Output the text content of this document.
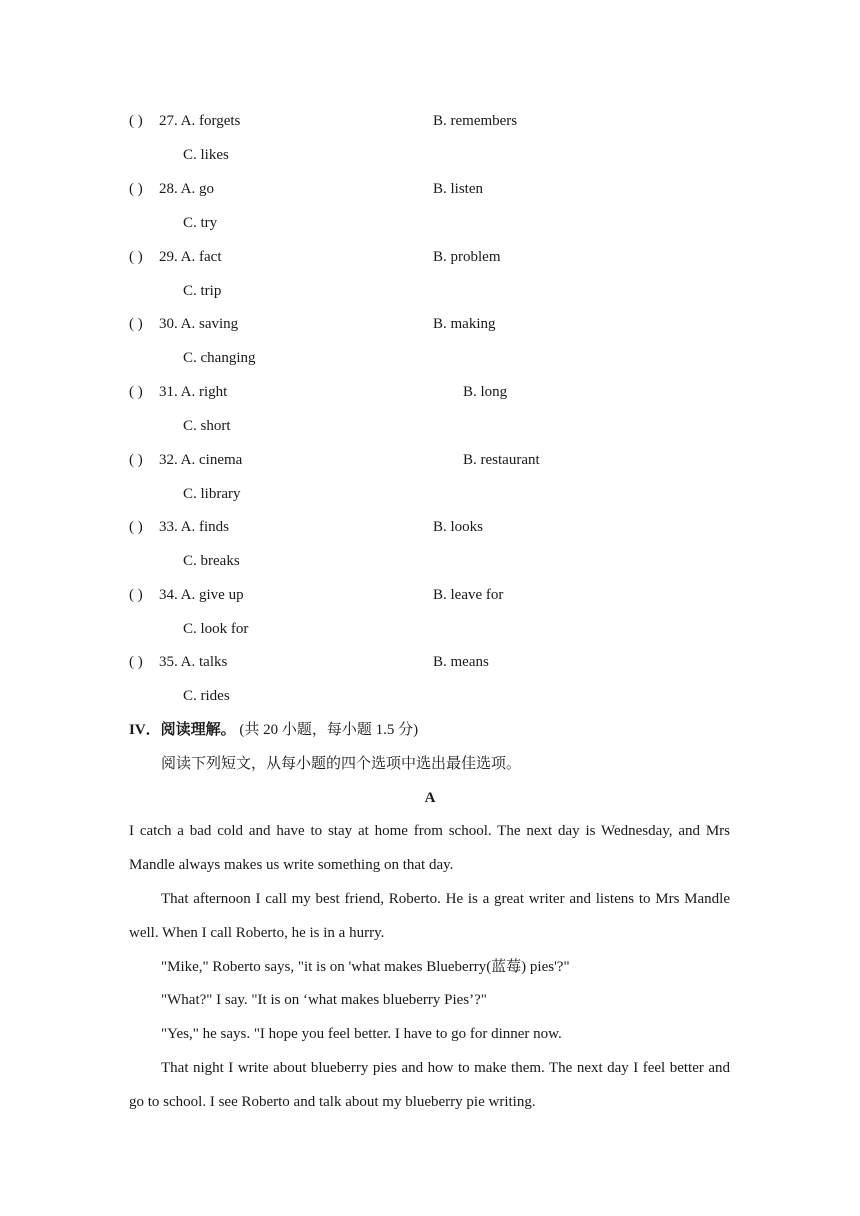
( ) 27. A. forgets	B. remembers
C. likes
( ) 28. A. go	B. listen
C. try
( ) 29. A. fact	B. problem
C. trip
( ) 30. A. saving	B. making
C. changing
( ) 31. A. right	B. long
C. short
( ) 32. A. cinema	B. restaurant
C. library
( ) 33. A. finds	B. looks
C. breaks
( ) 34. A. give up	B. leave for
C. look for
( ) 35. A. talks	B. means
C. rides
IV．阅读理解。 (共 20 小题，每小题 1.5 分)
阅读下列短文，从每小题的四个选项中选出最佳选项。
A
I catch a bad cold and have to stay at home from school. The next day is Wednesday, and Mrs
Mandle always makes us write something on that day.
That afternoon I call my best friend, Roberto. He is a great writer and listens to Mrs Mandle
well. When I call Roberto, he is in a hurry.
"Mike," Roberto says, "it is on 'what makes Blueberry(蓝莓) pies'?"
"What?" I say. "It is on ‘what makes blueberry Pies’?"
"Yes," he says. "I hope you feel better. I have to go for dinner now.
That night I write about blueberry pies and how to make them. The next day I feel better and
go to school. I see Roberto and talk about my blueberry pie writing.
